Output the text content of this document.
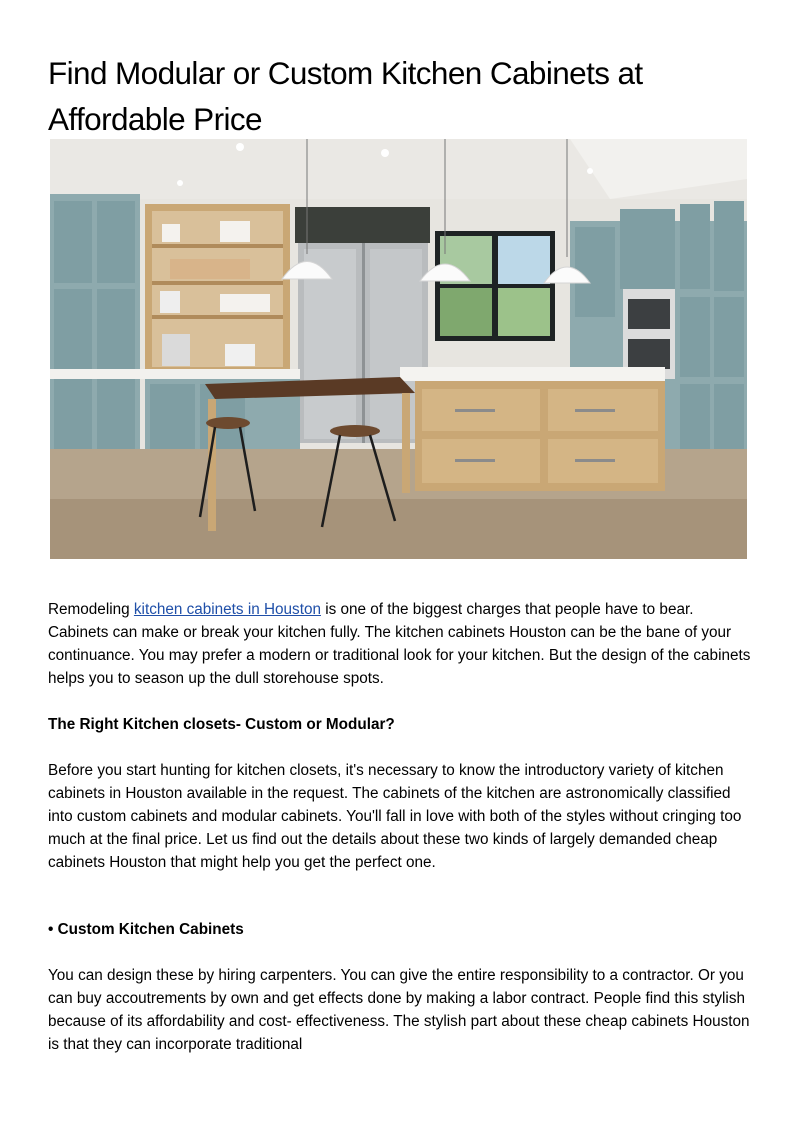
Find Modular or Custom Kitchen Cabinets at Affordable Price

Remodeling kitchen cabinets in Houston is one of the biggest charges that people have to bear. Cabinets can make or break your kitchen fully. The kitchen cabinets Houston can be the bane of your continuance. You may prefer a modern or traditional look for your kitchen. But the design of the cabinets helps you to season up the dull storehouse spots.

The Right Kitchen closets- Custom or Modular?

Before you start hunting for kitchen closets, it's necessary to know the introductory variety of kitchen cabinets in Houston available in the request. The cabinets of the kitchen are astronomically classified into custom cabinets and modular cabinets. You'll fall in love with both of the styles without cringing too much at the final price. Let us find out the details about these two kinds of largely demanded cheap cabinets Houston that might help you get the perfect one.

• Custom Kitchen Cabinets

You can design these by hiring carpenters. You can give the entire responsibility to a contractor. Or you can buy accoutrements by own and get effects done by making a labor contract. People find this stylish because of its affordability and cost- effectiveness. The stylish part about these cheap cabinets Houston is that they can incorporate traditional
